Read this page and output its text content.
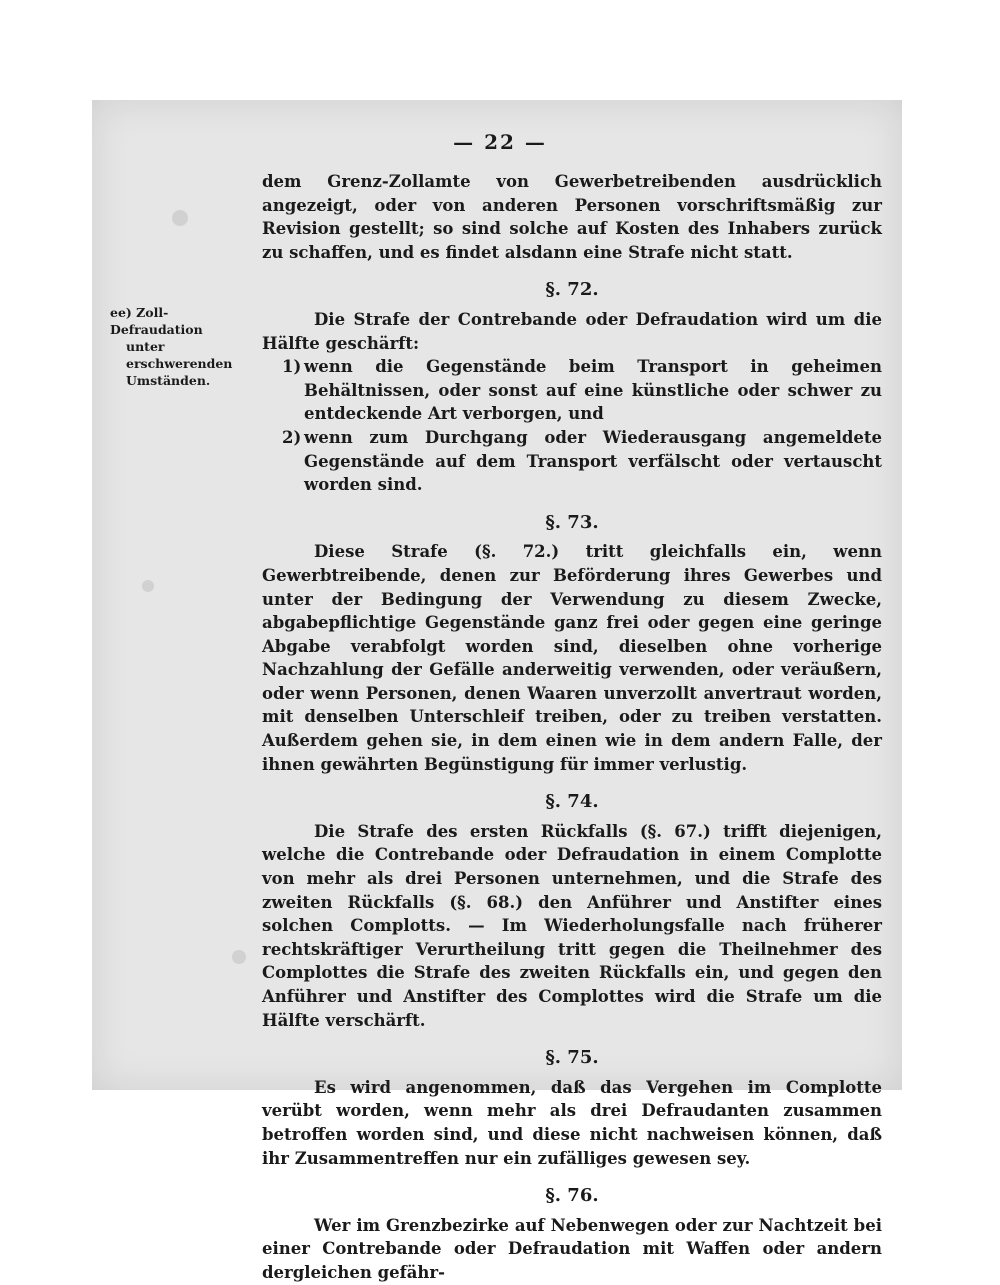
— 22 —
ee) Zoll-Defraudation
unter erschwerenden
Umständen.

dem Grenz-Zollamte von Gewerbetreibenden ausdrücklich angezeigt, oder von anderen Personen vorschriftsmäßig zur Revision gestellt; so sind solche auf Kosten des Inhabers zurück zu schaffen, und es findet alsdann eine Strafe nicht statt.

§. 72.

Die Strafe der Contrebande oder Defraudation wird um die Hälfte geschärft:

1) wenn die Gegenstände beim Transport in geheimen Behältnissen, oder sonst auf eine künstliche oder schwer zu entdeckende Art verborgen, und
2) wenn zum Durchgang oder Wiederausgang angemeldete Gegenstände auf dem Transport verfälscht oder vertauscht worden sind.
§. 73.

Diese Strafe (§. 72.) tritt gleichfalls ein, wenn Gewerbtreibende, denen zur Beförderung ihres Gewerbes und unter der Bedingung der Verwendung zu diesem Zwecke, abgabepflichtige Gegenstände ganz frei oder gegen eine geringe Abgabe verabfolgt worden sind, dieselben ohne vorherige Nachzahlung der Gefälle anderweitig verwenden, oder veräußern, oder wenn Personen, denen Waaren unverzollt anvertraut worden, mit denselben Unterschleif treiben, oder zu treiben verstatten. Außerdem gehen sie, in dem einen wie in dem andern Falle, der ihnen gewährten Begünstigung für immer verlustig.

§. 74.

Die Strafe des ersten Rückfalls (§. 67.) trifft diejenigen, welche die Contrebande oder Defraudation in einem Complotte von mehr als drei Personen unternehmen, und die Strafe des zweiten Rückfalls (§. 68.) den Anführer und Anstifter eines solchen Complotts. — Im Wiederholungsfalle nach früherer rechtskräftiger Verurtheilung tritt gegen die Theilnehmer des Complottes die Strafe des zweiten Rückfalls ein, und gegen den Anführer und Anstifter des Complottes wird die Strafe um die Hälfte verschärft.

§. 75.

Es wird angenommen, daß das Vergehen im Complotte verübt worden, wenn mehr als drei Defraudanten zusammen betroffen worden sind, und diese nicht nachweisen können, daß ihr Zusammentreffen nur ein zufälliges gewesen sey.

§. 76.

Wer im Grenzbezirke auf Nebenwegen oder zur Nachtzeit bei einer Contrebande oder Defraudation mit Waffen oder andern dergleichen gefähr-
